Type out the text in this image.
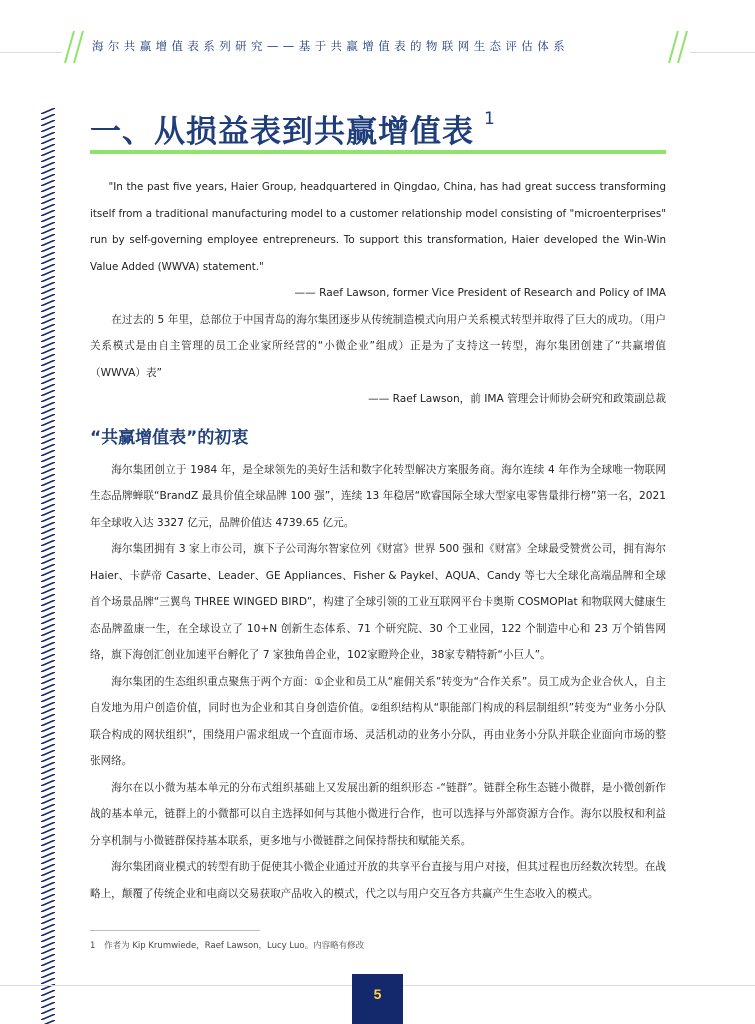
海尔共赢增值表系列研究——基于共赢增值表的物联网生态评估体系
一、从损益表到共赢增值表 $^1$

"In the past five years, Haier Group, headquartered in Qingdao, China, has had great success transforming itself from a traditional manufacturing model to a customer relationship model consisting of "microenterprises" run by self-governing employee entrepreneurs. To support this transformation, Haier developed the Win-Win Value Added (WWVA) statement."

—— Raef Lawson, former Vice President of Research and Policy of IMA

在过去的 5 年里，总部位于中国青岛的海尔集团逐步从传统制造模式向用户关系模式转型并取得了巨大的成功。（用户关系模式是由自主管理的员工企业家所经营的“小微企业”组成）正是为了支持这一转型，海尔集团创建了“共赢增值（WWVA）表”

—— Raef Lawson，前 IMA 管理会计师协会研究和政策副总裁

“共赢增值表”的初衷

海尔集团创立于 1984 年，是全球领先的美好生活和数字化转型解决方案服务商。海尔连续 4 年作为全球唯一物联网生态品牌蝉联“BrandZ 最具价值全球品牌 100 强”，连续 13 年稳居“欧睿国际全球大型家电零售量排行榜”第一名，2021 年全球收入达 3327 亿元，品牌价值达 4739.65 亿元。

海尔集团拥有 3 家上市公司，旗下子公司海尔智家位列《财富》世界 500 强和《财富》全球最受赞赏公司，拥有海尔 Haier、卡萨帝 Casarte、Leader、GE Appliances、Fisher & Paykel、AQUA、Candy 等七大全球化高端品牌和全球首个场景品牌“三翼鸟 THREE WINGED BIRD”，构建了全球引领的工业互联网平台卡奥斯 COSMOPlat 和物联网大健康生态品牌盈康一生，在全球设立了 10+N 创新生态体系、71 个研究院、30 个工业园，122 个制造中心和 23 万个销售网络，旗下海创汇创业加速平台孵化了 7 家独角兽企业，102家瞪羚企业，38家专精特新“小巨人”。

海尔集团的生态组织重点聚焦于两个方面：①企业和员工从“雇佣关系”转变为“合作关系”。员工成为企业合伙人，自主自发地为用户创造价值，同时也为企业和其自身创造价值。②组织结构从“职能部门构成的科层制组织”转变为“业务小分队联合构成的网状组织”，围绕用户需求组成一个直面市场、灵活机动的业务小分队，再由业务小分队并联企业面向市场的整张网络。

海尔在以小微为基本单元的分布式组织基础上又发展出新的组织形态 -“链群”。链群全称生态链小微群，是小微创新作战的基本单元，链群上的小微都可以自主选择如何与其他小微进行合作，也可以选择与外部资源方合作。海尔以股权和利益分享机制与小微链群保持基本联系，更多地与小微链群之间保持帮扶和赋能关系。

海尔集团商业模式的转型有助于促使其小微企业通过开放的共享平台直接与用户对接，但其过程也历经数次转型。在战略上，颠覆了传统企业和电商以交易获取产品收入的模式，代之以与用户交互各方共赢产生生态收入的模式。

1 作者为 Kip Krumwiede，Raef Lawson，Lucy Luo。内容略有修改
5
